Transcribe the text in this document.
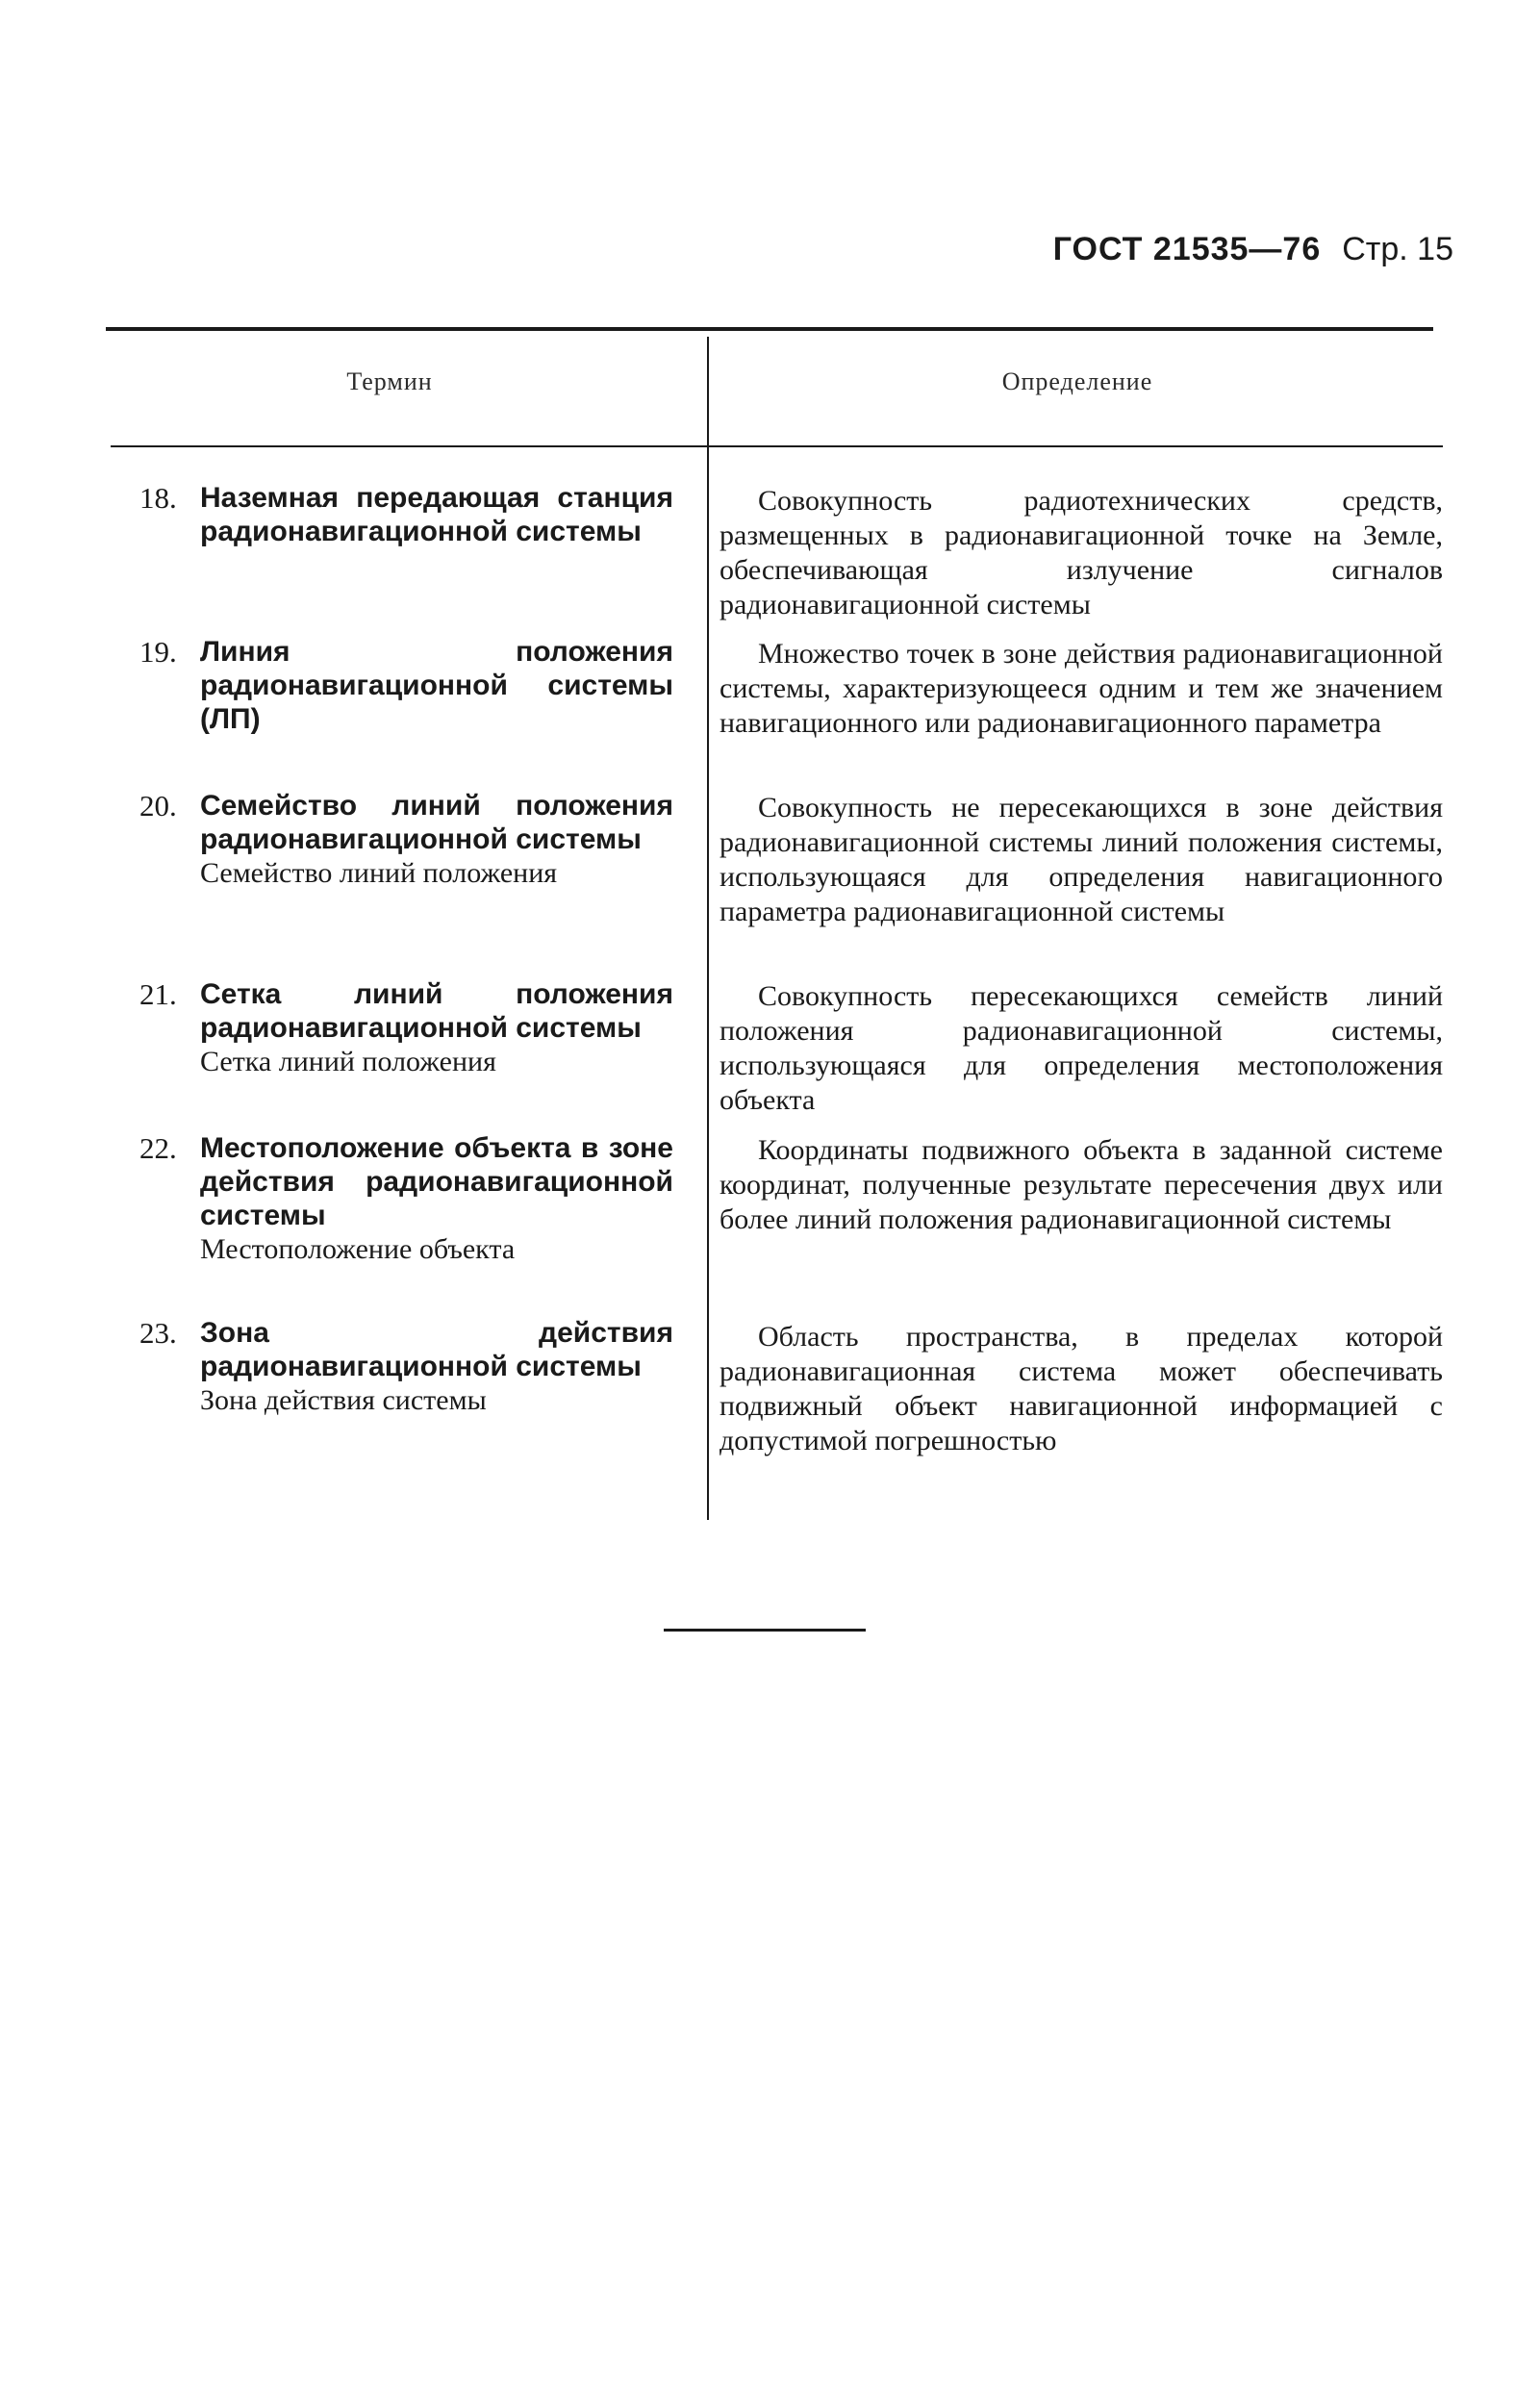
ГОСТ 21535—76 Стр. 15
Термин	Определение
18. Наземная передающая станция радионавигационной системы
Совокупность радиотехнических средств, размещенных в радионавигационной точке на Земле, обеспечивающая излучение сигналов радионавигационной системы
19. Линия положения радионавигационной системы (ЛП)
Множество точек в зоне действия радионавигационной системы, характеризующееся одним и тем же значением навигационного или радионавигационного параметра
20. Семейство линий положения радионавигационной системы
Семейство линий положения
Совокупность не пересекающихся в зоне действия радионавигационной системы линий положения системы, использующаяся для определения навигационного параметра радионавигационной системы
21. Сетка линий положения радионавигационной системы
Сетка линий положения
Совокупность пересекающихся семейств линий положения радионавигационной системы, использующаяся для определения местоположения объекта
22. Местоположение объекта в зоне действия радионавигационной системы
Местоположение объекта
Координаты подвижного объекта в заданной системе координат, полученные результате пересечения двух или более линий положения радионавигационной системы
23. Зона действия радионавигационной системы
Зона действия системы
Область пространства, в пределах которой радионавигационная система может обеспечивать подвижный объект навигационной информацией с допустимой погрешностью
